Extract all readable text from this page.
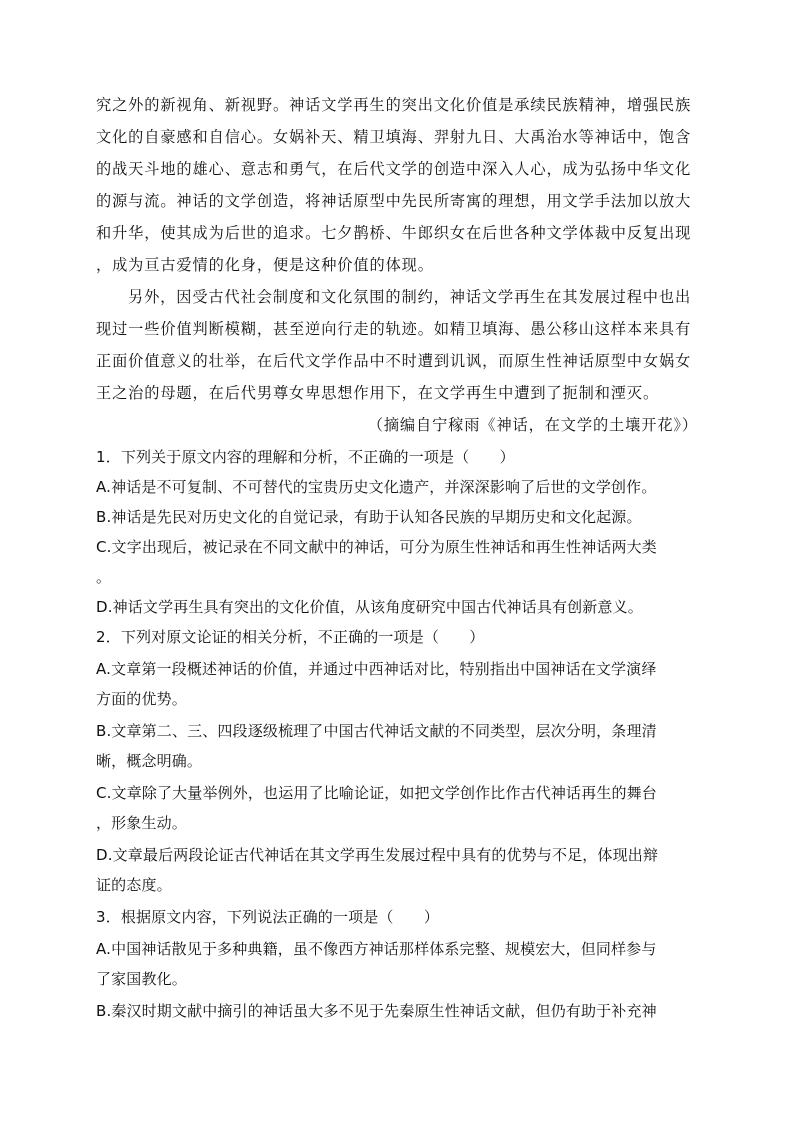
究之外的新视角、新视野。神话文学再生的突出文化价值是承续民族精神，增强民族
文化的自豪感和自信心。女娲补天、精卫填海、羿射九日、大禹治水等神话中，饱含
的战天斗地的雄心、意志和勇气，在后代文学的创造中深入人心，成为弘扬中华文化
的源与流。神话的文学创造，将神话原型中先民所寄寓的理想，用文学手法加以放大
和升华，使其成为后世的追求。七夕鹊桥、牛郎织女在后世各种文学体裁中反复出现
，成为亘古爱情的化身，便是这种价值的体现。
另外，因受古代社会制度和文化氛围的制约，神话文学再生在其发展过程中也出
现过一些价值判断模糊，甚至逆向行走的轨迹。如精卫填海、愚公移山这样本来具有
正面价值意义的壮举，在后代文学作品中不时遭到讥讽，而原生性神话原型中女娲女
王之治的母题，在后代男尊女卑思想作用下，在文学再生中遭到了扼制和湮灭。
（摘编自宁稼雨《神话，在文学的土壤开花》）
1．下列关于原文内容的理解和分析，不正确的一项是（　　）
A.神话是不可复制、不可替代的宝贵历史文化遗产，并深深影响了后世的文学创作。
B.神话是先民对历史文化的自觉记录，有助于认知各民族的早期历史和文化起源。
C.文字出现后，被记录在不同文献中的神话，可分为原生性神话和再生性神话两大类
。
D.神话文学再生具有突出的文化价值，从该角度研究中国古代神话具有创新意义。
2．下列对原文论证的相关分析，不正确的一项是（　　）
A.文章第一段概述神话的价值，并通过中西神话对比，特别指出中国神话在文学演绎
方面的优势。
B.文章第二、三、四段逐级梳理了中国古代神话文献的不同类型，层次分明，条理清
晰，概念明确。
C.文章除了大量举例外，也运用了比喻论证，如把文学创作比作古代神话再生的舞台
，形象生动。
D.文章最后两段论证古代神话在其文学再生发展过程中具有的优势与不足，体现出辩
证的态度。
3．根据原文内容，下列说法正确的一项是（　　）
A.中国神话散见于多种典籍，虽不像西方神话那样体系完整、规模宏大，但同样参与
了家国教化。
B.秦汉时期文献中摘引的神话虽大多不见于先秦原生性神话文献，但仍有助于补充神
